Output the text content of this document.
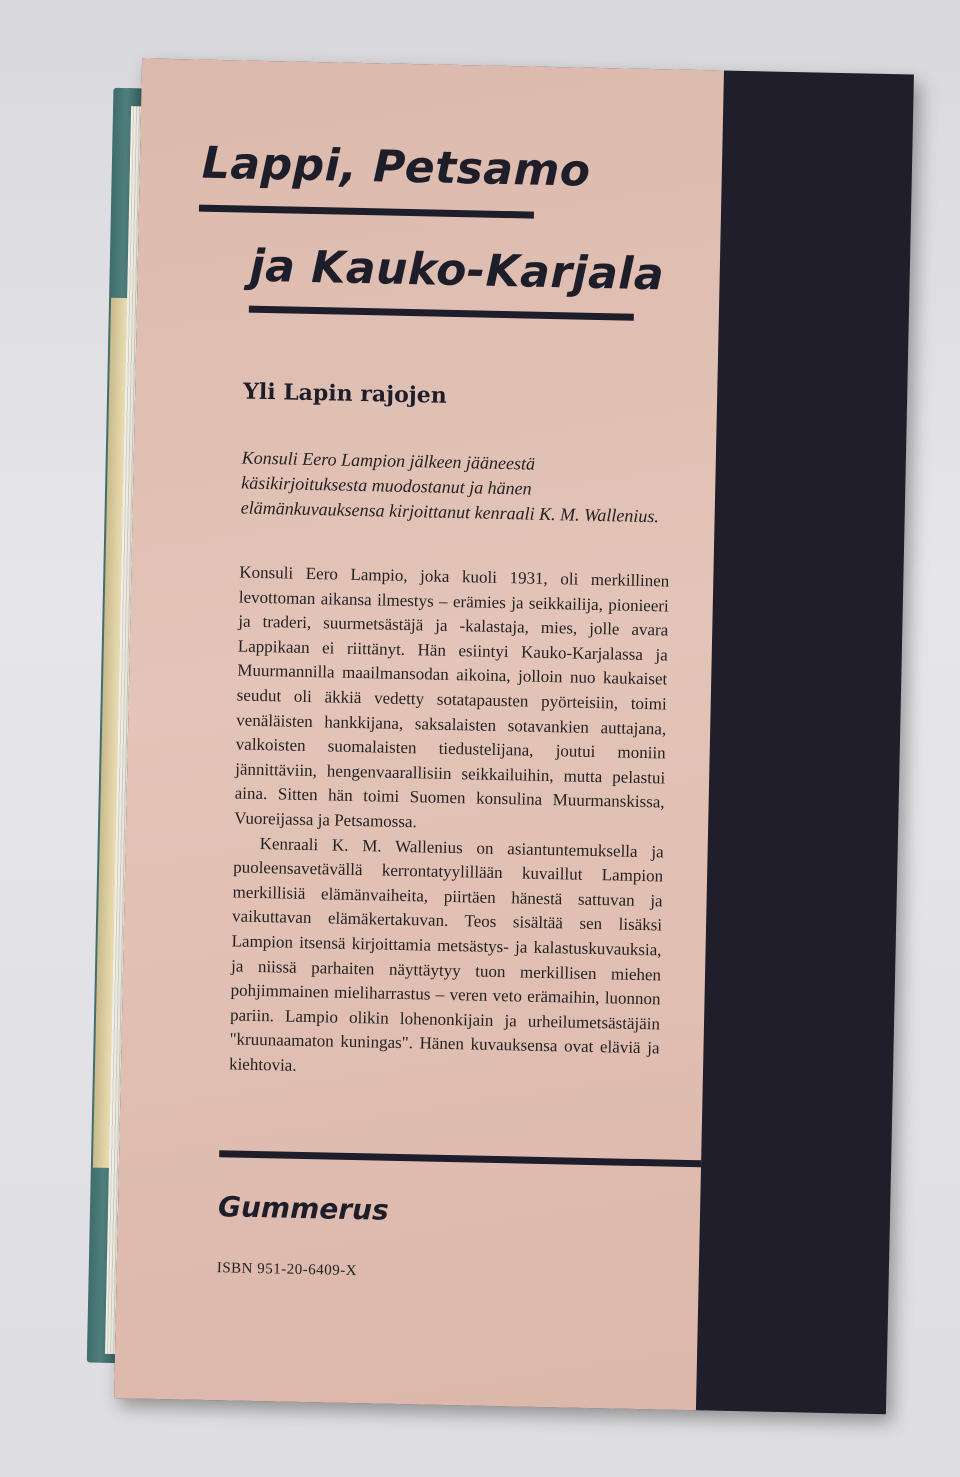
Lappi, Petsamo
ja Kauko-Karjala
Yli Lapin rajojen
Konsuli Eero Lampion jälkeen jääneestä käsikirjoituksesta muodostanut ja hänen elämänkuvauksensa kirjoittanut kenraali K. M. Wallenius.

Konsuli Eero Lampio, joka kuoli 1931, oli merkillinen levottoman aikansa ilmestys – erämies ja seikkailija, pionieeri ja traderi, suurmetsästäjä ja -kalastaja, mies, jolle avara Lappikaan ei riittänyt. Hän esiintyi Kauko-Karjalassa ja Muurmannilla maailmansodan aikoina, jolloin nuo kaukaiset seudut oli äkkiä vedetty sotatapausten pyörteisiin, toimi venäläisten hankkijana, saksalaisten sotavankien auttajana, valkoisten suomalaisten tiedustelijana, joutui moniin jännittäviin, hengenvaarallisiin seikkailuihin, mutta pelastui aina. Sitten hän toimi Suomen konsulina Muurmanskissa, Vuoreijassa ja Petsamossa.

Kenraali K. M. Wallenius on asiantuntemuksella ja puoleensavetävällä kerrontatyylillään kuvaillut Lampion merkillisiä elämänvaiheita, piirtäen hänestä sattuvan ja vaikuttavan elämäkertakuvan. Teos sisältää sen lisäksi Lampion itsensä kirjoittamia metsästys- ja kalastuskuvauksia, ja niissä parhaiten näyttäytyy tuon merkillisen miehen pohjimmainen mieliharrastus – veren veto erämaihin, luonnon pariin. Lampio olikin lohenonkijain ja urheilumetsästäjäin "kruunaamaton kuningas". Hänen kuvauksensa ovat eläviä ja kiehtovia.

Gummerus
ISBN 951-20-6409-X
